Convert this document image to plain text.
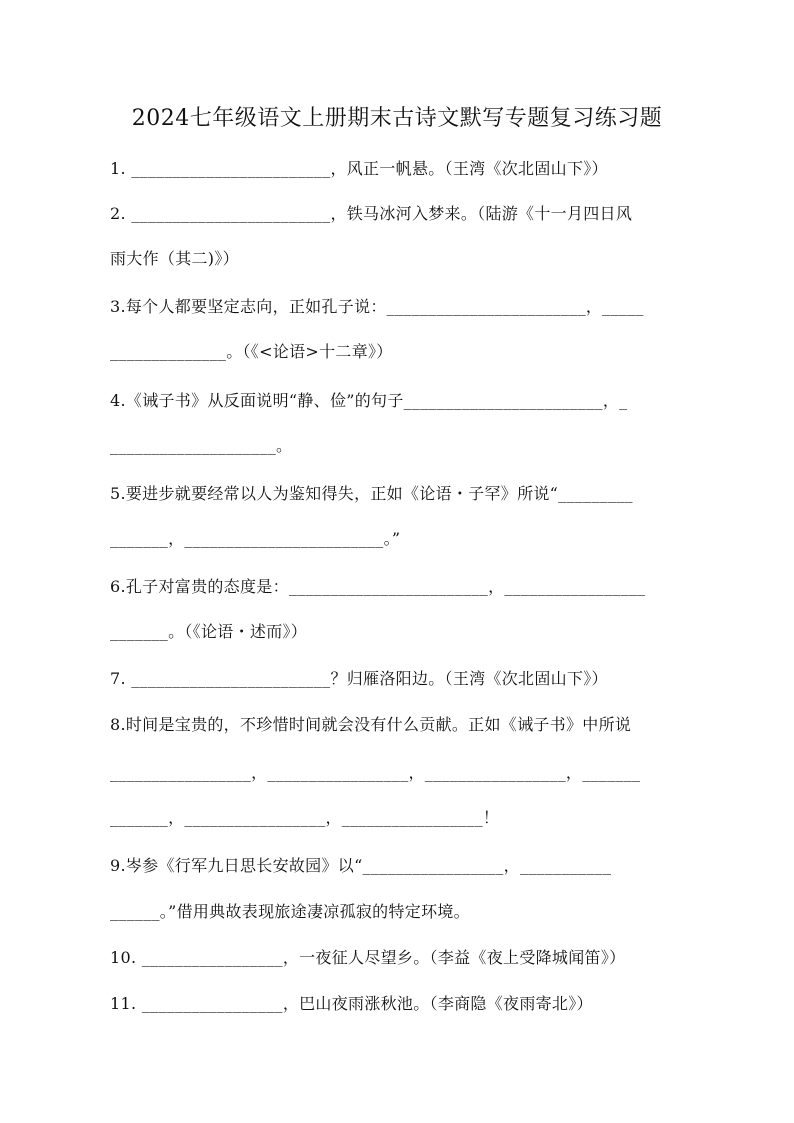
2024七年级语文上册期末古诗文默写专题复习练习题
1. ________________________，风正一帆悬。（王湾《次北固山下》）
2. ________________________，铁马冰河入梦来。（陆游《十一月四日风
雨大作（其二)》）
3.每个人都要坚定志向，正如孔子说：________________________，_____
______________。（《<论语>十二章》）
4.《诫子书》从反面说明“静、俭”的句子________________________，_
____________________。
5.要进步就要经常以人为鉴知得失，正如《论语・子罕》所说“_________
_______，________________________。”
6.孔子对富贵的态度是：________________________，_________________
_______。（《论语・述而》）
7. ________________________？归雁洛阳边。（王湾《次北固山下》）
8.时间是宝贵的，不珍惜时间就会没有什么贡献。正如《诫子书》中所说
_________________，_________________，_________________，_______
_______，_________________，_________________！
9.岑参《行军九日思长安故园》以“_________________，___________
______。”借用典故表现旅途凄凉孤寂的特定环境。
10. _________________，一夜征人尽望乡。（李益《夜上受降城闻笛》）
11. _________________，巴山夜雨涨秋池。（李商隐《夜雨寄北》）
